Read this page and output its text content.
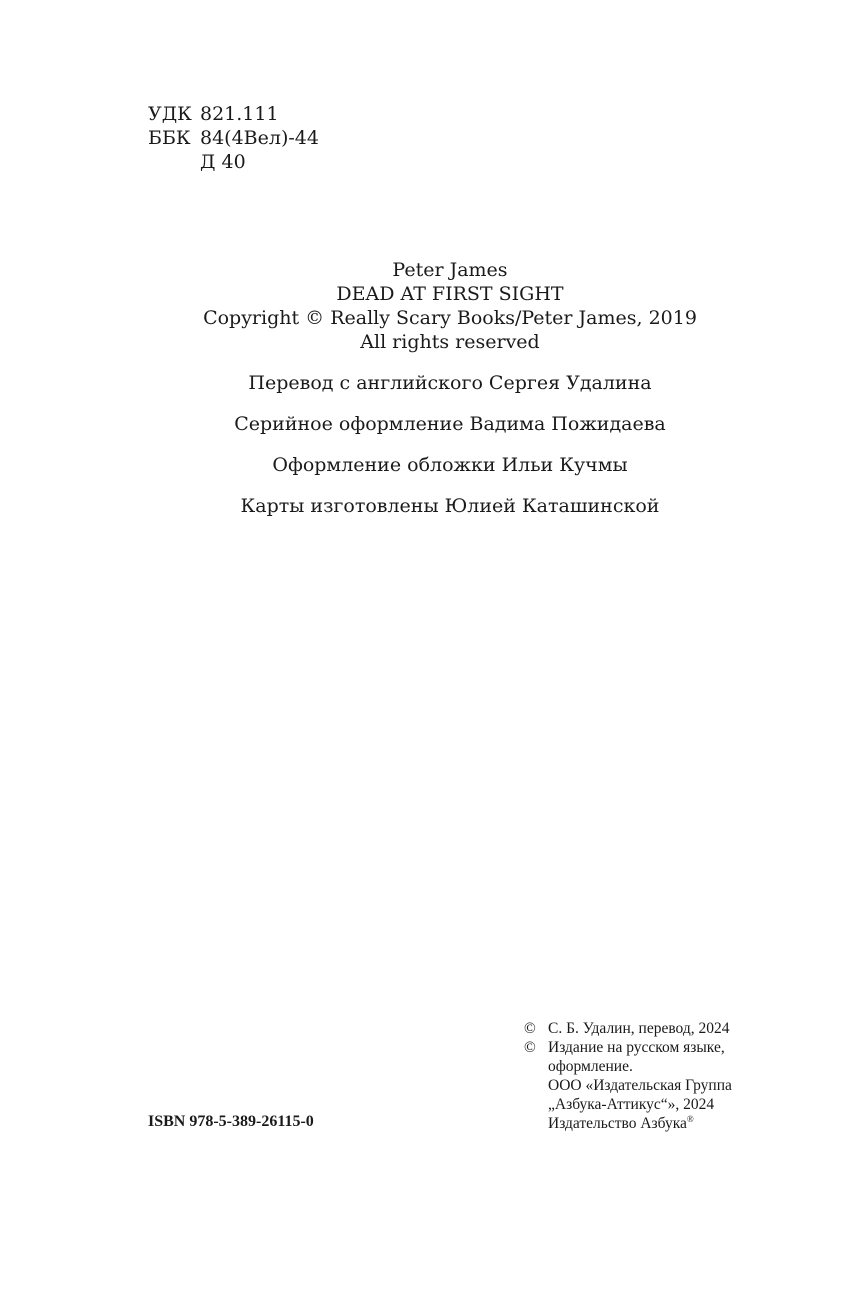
УДК 821.111
ББК 84(4Вел)-44
Д 40
Peter James
DEAD AT FIRST SIGHT
Copyright © Really Scary Books/Peter James, 2019
All rights reserved
Перевод с английского Сергея Удалина
Серийное оформление Вадима Пожидаева
Оформление обложки Ильи Кучмы
Карты изготовлены Юлией Каташинской
ISBN 978-5-389-26115-0
© С. Б. Удалин, перевод, 2024
© Издание на русском языке,
оформление.
ООО «Издательская Группа
„Азбука-Аттикус“», 2024
Издательство Азбука®
